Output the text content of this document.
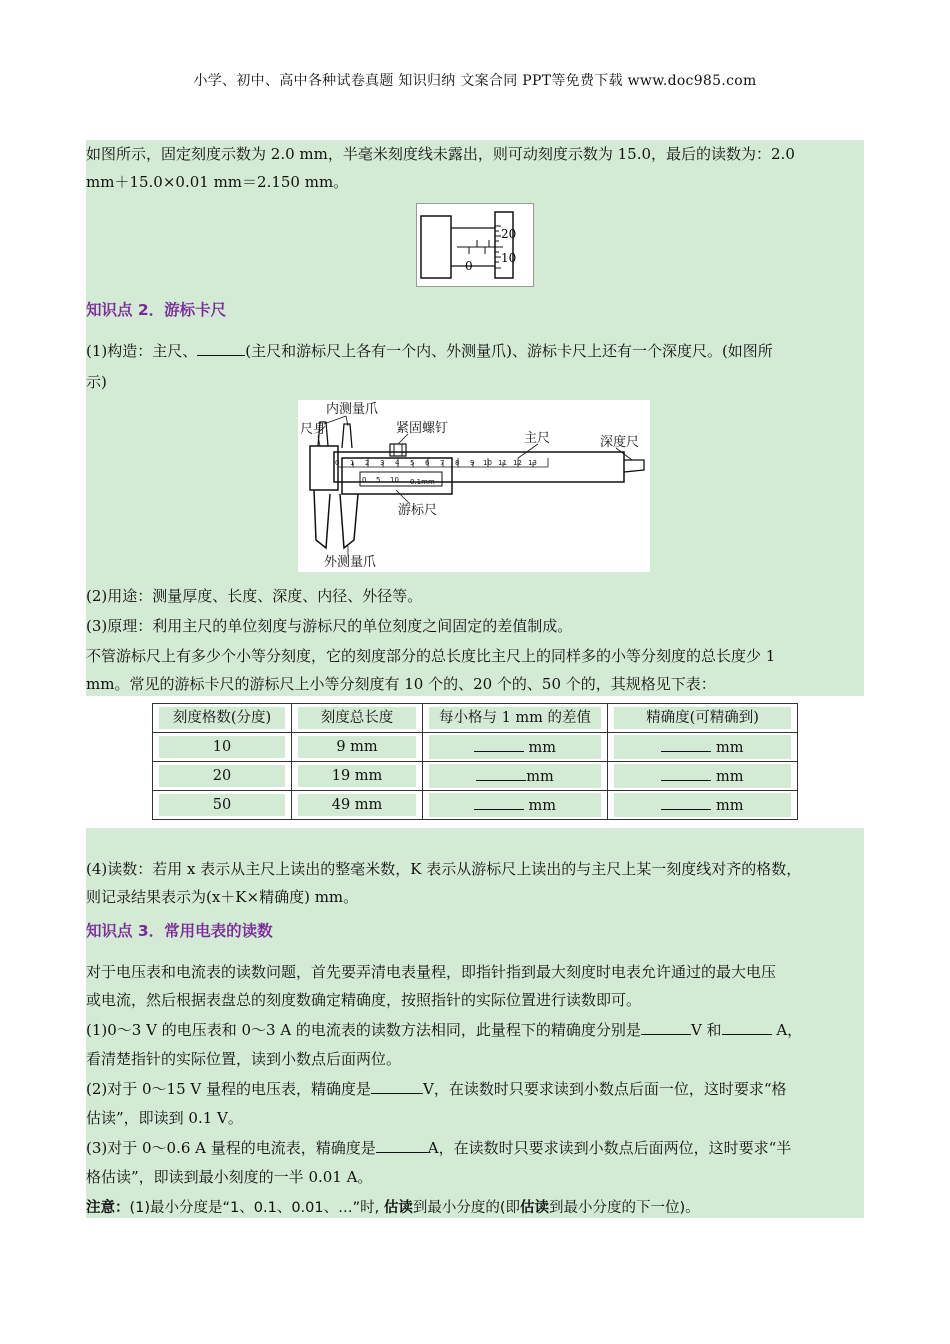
小学、初中、高中各种试卷真题 知识归纳 文案合同 PPT等免费下载 www.doc985.com
如图所示，固定刻度示数为 2.0 mm，半毫米刻度线未露出，则可动刻度示数为 15.0，最后的读数为：2.0
mm＋15.0×0.01 mm＝2.150 mm。
20
10
0
知识点 2．游标卡尺
(1)构造：主尺、	(主尺和游标尺上各有一个内、外测量爪)、游标卡尺上还有一个深度尺。(如图所
示)
0 1 2 3 4 5 6 7 8 9 10 11 12 13
0 5 10 0.1mm
内测量爪
尺身	紧固螺钉
主尺	深度尺
游标尺
外测量爪
(2)用途：测量厚度、长度、深度、内径、外径等。
(3)原理：利用主尺的单位刻度与游标尺的单位刻度之间固定的差值制成。
不管游标尺上有多少个小等分刻度，它的刻度部分的总长度比主尺上的同样多的小等分刻度的总长度少 1
mm。常见的游标卡尺的游标尺上小等分刻度有 10 个的、20 个的、50 个的，其规格见下表：
刻度格数(分度)	刻度总长度	每小格与 1 mm 的差值	精确度(可精确到)

10	9 mm	mm	mm

20	19 mm	mm	mm

50	49 mm	mm	mm
(4)读数：若用 x 表示从主尺上读出的整毫米数，K 表示从游标尺上读出的与主尺上某一刻度线对齐的格数，
则记录结果表示为(x＋K×精确度) mm。
知识点 3．常用电表的读数
对于电压表和电流表的读数问题，首先要弄清电表量程，即指针指到最大刻度时电表允许通过的最大电压
或电流，然后根据表盘总的刻度数确定精确度，按照指针的实际位置进行读数即可。
(1)0～3 V 的电压表和 0～3 A 的电流表的读数方法相同，此量程下的精确度分别是	V 和	A，
看清楚指针的实际位置，读到小数点后面两位。
(2)对于 0～15 V 量程的电压表，精确度是	V，在读数时只要求读到小数点后面一位，这时要求“格
估读”，即读到 0.1 V。
(3)对于 0～0.6 A 量程的电流表，精确度是	A，在读数时只要求读到小数点后面两位，这时要求“半
格估读”，即读到最小刻度的一半 0.01 A。
注意：(1)最小分度是“1、0.1、0.01、…”时, 估读到最小分度的(即估读到最小分度的下一位)。
